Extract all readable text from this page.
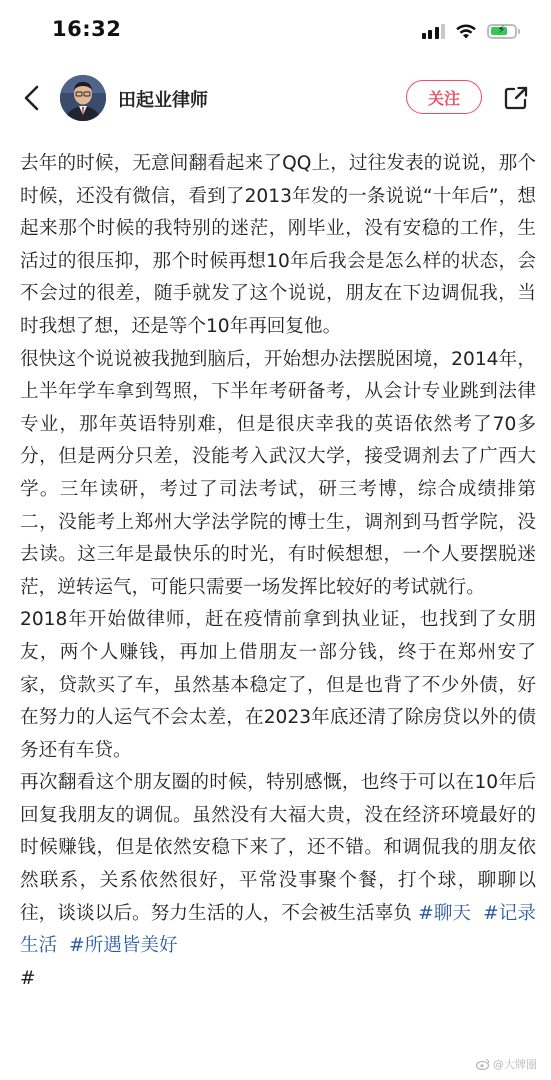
16:32	⚡
田起业律师	关注

去年的时候，无意间翻看起来了QQ上，过往发表的说说，那个时候，还没有微信，看到了2013年发的一条说说“十年后”，想起来那个时候的我特别的迷茫，刚毕业，没有安稳的工作，生活过的很压抑，那个时候再想10年后我会是怎么样的状态，会不会过的很差，随手就发了这个说说，朋友在下边调侃我，当时我想了想，还是等个10年再回复他。

很快这个说说被我抛到脑后，开始想办法摆脱困境，2014年，上半年学车拿到驾照，下半年考研备考，从会计专业跳到法律专业，那年英语特别难，但是很庆幸我的英语依然考了70多分，但是两分只差，没能考入武汉大学，接受调剂去了广西大学。三年读研，考过了司法考试，研三考博，综合成绩排第二，没能考上郑州大学法学院的博士生，调剂到马哲学院，没去读。这三年是最快乐的时光，有时候想想，一个人要摆脱迷茫，逆转运气，可能只需要一场发挥比较好的考试就行。

2018年开始做律师，赶在疫情前拿到执业证，也找到了女朋友，两个人赚钱，再加上借朋友一部分钱，终于在郑州安了家，贷款买了车，虽然基本稳定了，但是也背了不少外债，好在努力的人运气不会太差，在2023年底还清了除房贷以外的债务还有车贷。

再次翻看这个朋友圈的时候，特别感慨，也终于可以在10年后回复我朋友的调侃。虽然没有大福大贵，没在经济环境最好的时候赚钱，但是依然安稳下来了，还不错。和调侃我的朋友依然联系，关系依然很好，平常没事聚个餐，打个球，聊聊以往，谈谈以后。努力生活的人，不会被生活辜负 #聊天 #记录生活 #所遇皆美好

#

@大牌圈
